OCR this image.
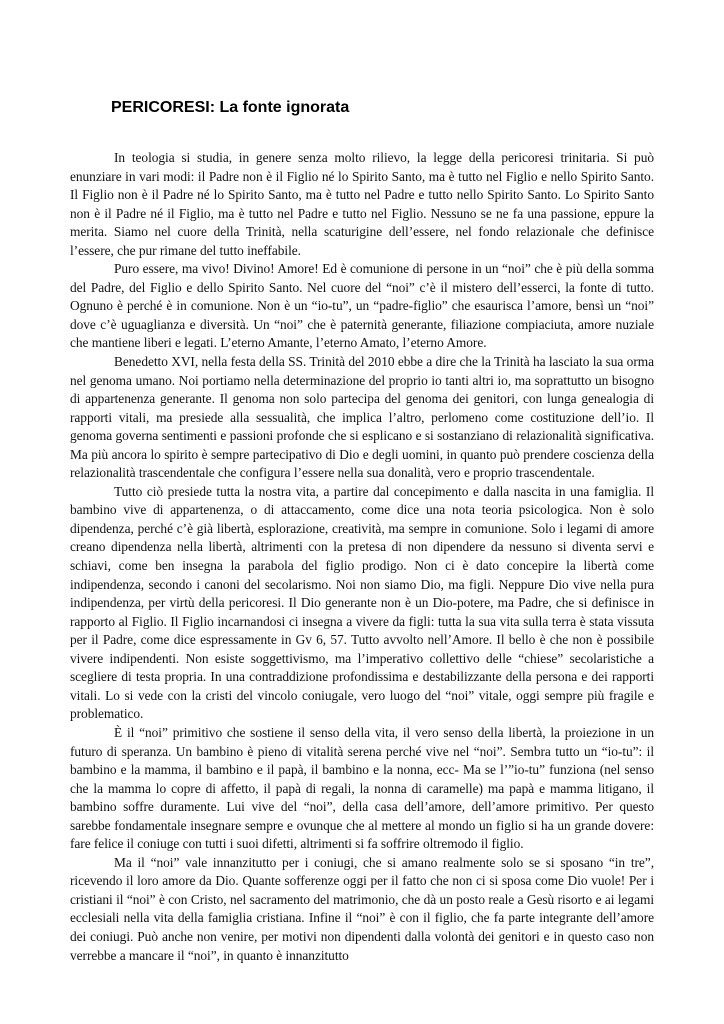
PERICORESI: La fonte ignorata

In teologia si studia, in genere senza molto rilievo, la legge della pericoresi trinitaria. Si può enunziare in vari modi: il Padre non è il Figlio né lo Spirito Santo, ma è tutto nel Figlio e nello Spirito Santo. Il Figlio non è il Padre né lo Spirito Santo, ma è tutto nel Padre e tutto nello Spirito Santo. Lo Spirito Santo non è il Padre né il Figlio, ma è tutto nel Padre e tutto nel Figlio. Nessuno se ne fa una passione, eppure la merita. Siamo nel cuore della Trinità, nella scaturigine dell’essere, nel fondo relazionale che definisce l’essere, che pur rimane del tutto ineffabile.

Puro essere, ma vivo! Divino! Amore! Ed è comunione di persone in un “noi” che è più della somma del Padre, del Figlio e dello Spirito Santo. Nel cuore del “noi” c’è il mistero dell’esserci, la fonte di tutto. Ognuno è perché è in comunione. Non è un “io-tu”, un “padre-figlio” che esaurisca l’amore, bensì un “noi” dove c’è uguaglianza e diversità. Un “noi” che è paternità generante, filiazione compiaciuta, amore nuziale che mantiene liberi e legati. L’eterno Amante, l’eterno Amato, l’eterno Amore.

Benedetto XVI, nella festa della SS. Trinità del 2010 ebbe a dire che la Trinità ha lasciato la sua orma nel genoma umano. Noi portiamo nella determinazione del proprio io tanti altri io, ma soprattutto un bisogno di appartenenza generante. Il genoma non solo partecipa del genoma dei genitori, con lunga genealogia di rapporti vitali, ma presiede alla sessualità, che implica l’altro, perlomeno come costituzione dell’io. Il genoma governa sentimenti e passioni profonde che si esplicano e si sostanziano di relazionalità significativa. Ma più ancora lo spirito è sempre partecipativo di Dio e degli uomini, in quanto può prendere coscienza della relazionalità trascendentale che configura l’essere nella sua donalità, vero e proprio trascendentale.

Tutto ciò presiede tutta la nostra vita, a partire dal concepimento e dalla nascita in una famiglia. Il bambino vive di appartenenza, o di attaccamento, come dice una nota teoria psicologica. Non è solo dipendenza, perché c’è già libertà, esplorazione, creatività, ma sempre in comunione. Solo i legami di amore creano dipendenza nella libertà, altrimenti con la pretesa di non dipendere da nessuno si diventa servi e schiavi, come ben insegna la parabola del figlio prodigo. Non ci è dato concepire la libertà come indipendenza, secondo i canoni del secolarismo. Noi non siamo Dio, ma figli. Neppure Dio vive nella pura indipendenza, per virtù della pericoresi. Il Dio generante non è un Dio-potere, ma Padre, che si definisce in rapporto al Figlio. Il Figlio incarnandosi ci insegna a vivere da figli: tutta la sua vita sulla terra è stata vissuta per il Padre, come dice espressamente in Gv 6, 57. Tutto avvolto nell’Amore. Il bello è che non è possibile vivere indipendenti. Non esiste soggettivismo, ma l’imperativo collettivo delle “chiese” secolaristiche a scegliere di testa propria. In una contraddizione profondissima e destabilizzante della persona e dei rapporti vitali. Lo si vede con la cristi del vincolo coniugale, vero luogo del “noi” vitale, oggi sempre più fragile e problematico.

È il “noi” primitivo che sostiene il senso della vita, il vero senso della libertà, la proiezione in un futuro di speranza. Un bambino è pieno di vitalità serena perché vive nel “noi”. Sembra tutto un “io-tu”: il bambino e la mamma, il bambino e il papà, il bambino e la nonna, ecc- Ma se l’”io-tu” funziona (nel senso che la mamma lo copre di affetto, il papà di regali, la nonna di caramelle) ma papà e mamma litigano, il bambino soffre duramente. Lui vive del “noi”, della casa dell’amore, dell’amore primitivo. Per questo sarebbe fondamentale insegnare sempre e ovunque che al mettere al mondo un figlio si ha un grande dovere: fare felice il coniuge con tutti i suoi difetti, altrimenti si fa soffrire oltremodo il figlio.

Ma il “noi” vale innanzitutto per i coniugi, che si amano realmente solo se si sposano “in tre”, ricevendo il loro amore da Dio. Quante sofferenze oggi per il fatto che non ci si sposa come Dio vuole! Per i cristiani il “noi” è con Cristo, nel sacramento del matrimonio, che dà un posto reale a Gesù risorto e ai legami ecclesiali nella vita della famiglia cristiana. Infine il “noi” è con il figlio, che fa parte integrante dell’amore dei coniugi. Può anche non venire, per motivi non dipendenti dalla volontà dei genitori e in questo caso non verrebbe a mancare il “noi”, in quanto è innanzitutto
